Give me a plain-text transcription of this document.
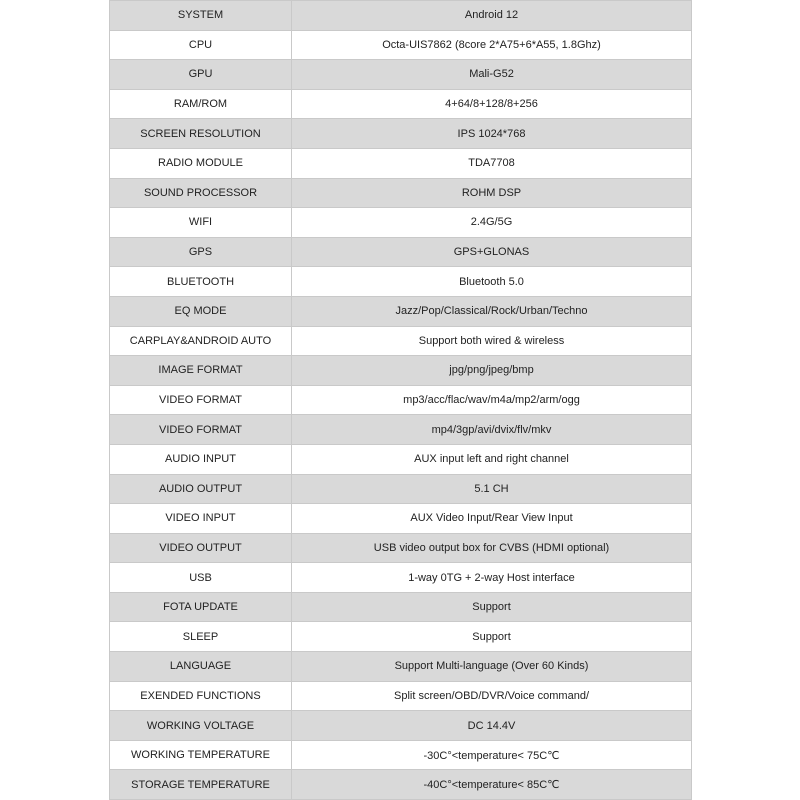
SYSTEM	Android 12
CPU	Octa-UIS7862 (8core 2*A75+6*A55, 1.8Ghz)
GPU	Mali-G52
RAM/ROM	4+64/8+128/8+256
SCREEN RESOLUTION	IPS 1024*768
RADIO MODULE	TDA7708
SOUND PROCESSOR	ROHM DSP
WIFI	2.4G/5G
GPS	GPS+GLONAS
BLUETOOTH	Bluetooth 5.0
EQ MODE	Jazz/Pop/Classical/Rock/Urban/Techno
CARPLAY&ANDROID AUTO	Support both wired & wireless
IMAGE FORMAT	jpg/png/jpeg/bmp
VIDEO FORMAT	mp3/acc/flac/wav/m4a/mp2/arm/ogg
VIDEO FORMAT	mp4/3gp/avi/dvix/flv/mkv
AUDIO INPUT	AUX input left and right channel
AUDIO OUTPUT	5.1 CH
VIDEO INPUT	AUX Video Input/Rear View Input
VIDEO OUTPUT	USB video output box for CVBS (HDMI optional)
USB	1-way 0TG + 2-way Host interface
FOTA UPDATE	Support
SLEEP	Support
LANGUAGE	Support Multi-language (Over 60 Kinds)
EXENDED FUNCTIONS	Split screen/OBD/DVR/Voice command/
WORKING VOLTAGE	DC 14.4V
WORKING TEMPERATURE	-30C°<temperature< 75C℃
STORAGE TEMPERATURE	-40C°<temperature< 85C℃
